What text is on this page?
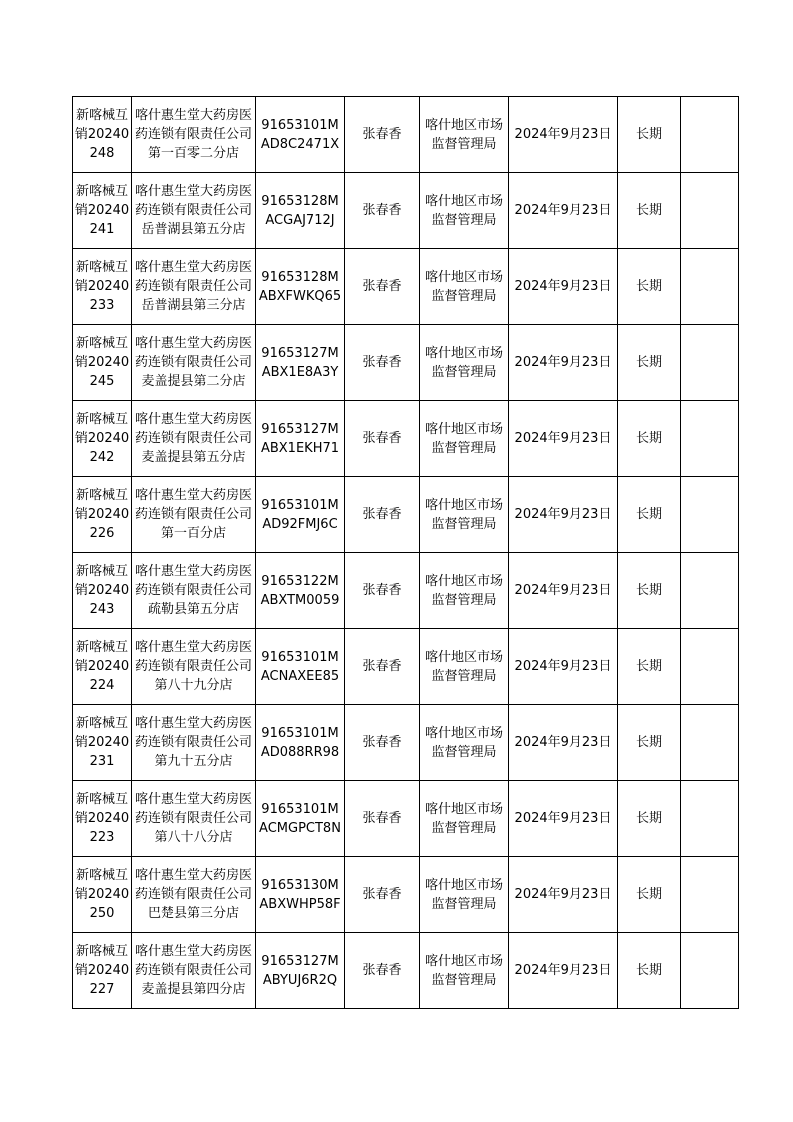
新喀械互销20240248	喀什惠生堂大药房医药连锁有限责任公司第一百零二分店	91653101MAD8C2471X	张春香	喀什地区市场监督管理局	2024年9月23日	长期	
新喀械互销20240241	喀什惠生堂大药房医药连锁有限责任公司岳普湖县第五分店	91653128MACGAJ712J	张春香	喀什地区市场监督管理局	2024年9月23日	长期	
新喀械互销20240233	喀什惠生堂大药房医药连锁有限责任公司岳普湖县第三分店	91653128MABXFWKQ65	张春香	喀什地区市场监督管理局	2024年9月23日	长期	
新喀械互销20240245	喀什惠生堂大药房医药连锁有限责任公司麦盖提县第二分店	91653127MABX1E8A3Y	张春香	喀什地区市场监督管理局	2024年9月23日	长期	
新喀械互销20240242	喀什惠生堂大药房医药连锁有限责任公司麦盖提县第五分店	91653127MABX1EKH71	张春香	喀什地区市场监督管理局	2024年9月23日	长期	
新喀械互销20240226	喀什惠生堂大药房医药连锁有限责任公司第一百分店	91653101MAD92FMJ6C	张春香	喀什地区市场监督管理局	2024年9月23日	长期	
新喀械互销20240243	喀什惠生堂大药房医药连锁有限责任公司疏勒县第五分店	91653122MABXTM0059	张春香	喀什地区市场监督管理局	2024年9月23日	长期	
新喀械互销20240224	喀什惠生堂大药房医药连锁有限责任公司第八十九分店	91653101MACNAXEE85	张春香	喀什地区市场监督管理局	2024年9月23日	长期	
新喀械互销20240231	喀什惠生堂大药房医药连锁有限责任公司第九十五分店	91653101MAD088RR98	张春香	喀什地区市场监督管理局	2024年9月23日	长期	
新喀械互销20240223	喀什惠生堂大药房医药连锁有限责任公司第八十八分店	91653101MACMGPCT8N	张春香	喀什地区市场监督管理局	2024年9月23日	长期	
新喀械互销20240250	喀什惠生堂大药房医药连锁有限责任公司巴楚县第三分店	91653130MABXWHP58F	张春香	喀什地区市场监督管理局	2024年9月23日	长期	
新喀械互销20240227	喀什惠生堂大药房医药连锁有限责任公司麦盖提县第四分店	91653127MABYUJ6R2Q	张春香	喀什地区市场监督管理局	2024年9月23日	长期	
